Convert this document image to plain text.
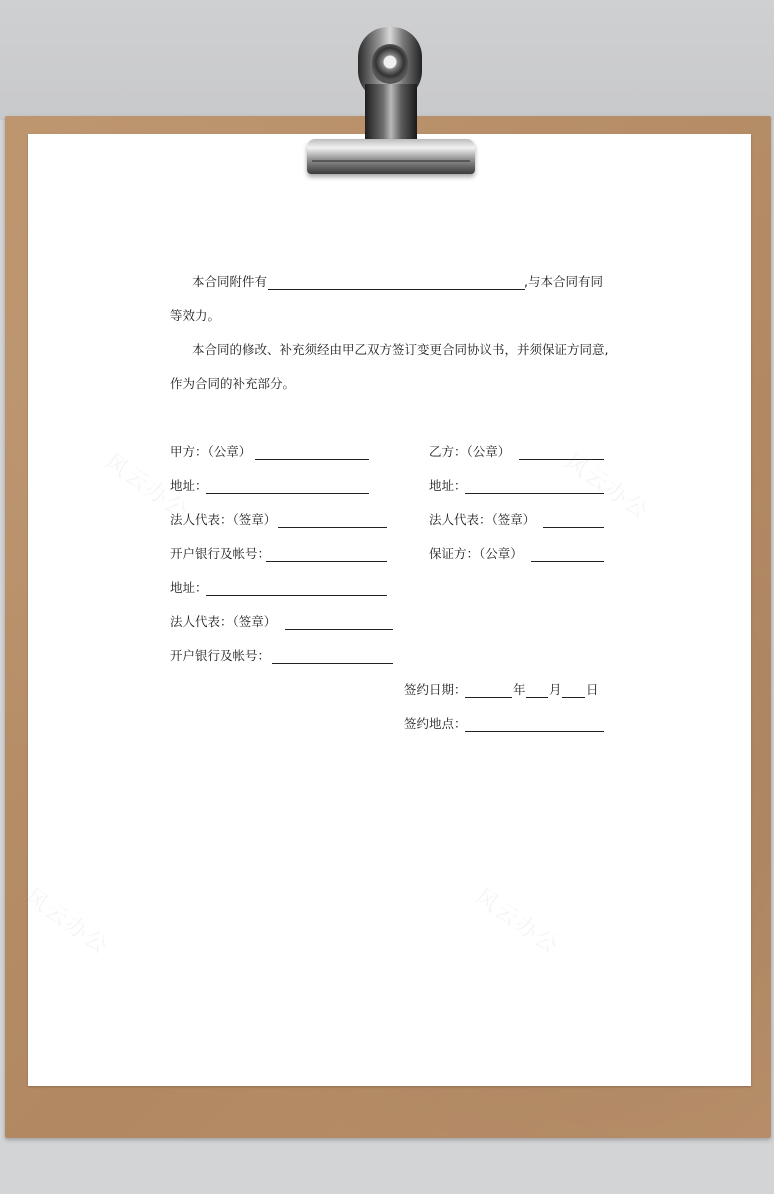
本合同附件有	,与本合同有同
等效力。
本合同的修改、补充须经由甲乙双方签订变更合同协议书，并须保证方同意,
作为合同的补充部分。
甲方：（公章）
地址：
法人代表：（签章）
开户银行及帐号：
地址：
法人代表：（签章）
开户银行及帐号：
乙方：（公章）
地址：
法人代表：（签章）
保证方：（公章）
签约日期：	年 月 日
签约地点：
